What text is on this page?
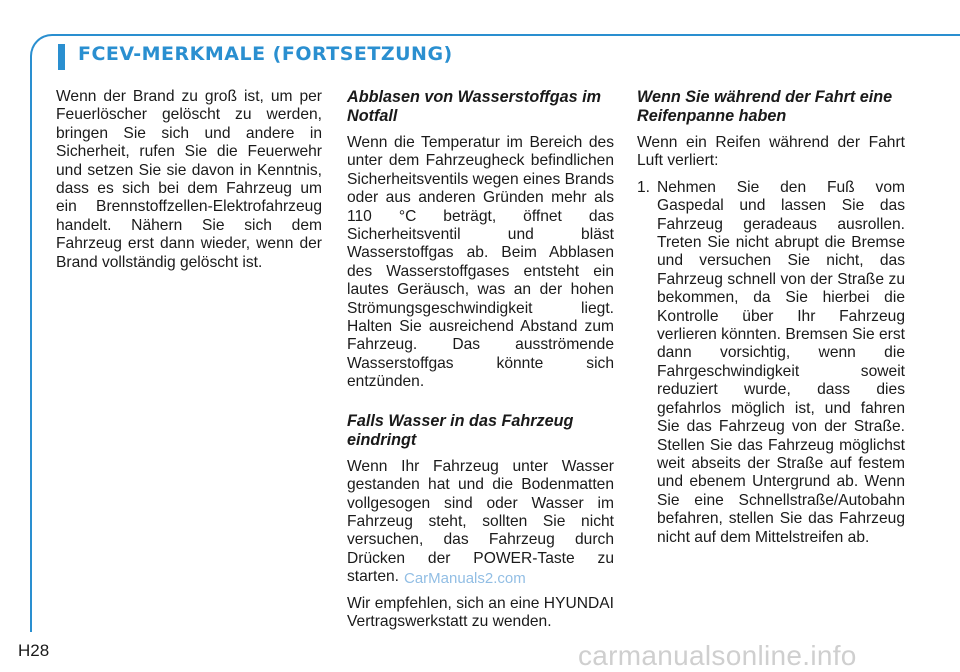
FCEV-MERKMALE (FORTSETZUNG)

Wenn der Brand zu groß ist, um per Feuerlöscher gelöscht zu werden, bringen Sie sich und andere in Sicherheit, rufen Sie die Feuerwehr und setzen Sie sie davon in Kenntnis, dass es sich bei dem Fahrzeug um ein Brennstoffzellen-Elektrofahrzeug handelt. Nähern Sie sich dem Fahrzeug erst dann wieder, wenn der Brand vollständig gelöscht ist.

Abblasen von Wasserstoffgas im Notfall

Wenn die Temperatur im Bereich des unter dem Fahrzeugheck befindlichen Sicherheitsventils wegen eines Brands oder aus anderen Gründen mehr als 110 °C beträgt, öffnet das Sicherheitsventil und bläst Wasserstoffgas ab. Beim Abblasen des Wasserstoffgases entsteht ein lautes Geräusch, was an der hohen Strömungsgeschwindigkeit liegt. Halten Sie ausreichend Abstand zum Fahrzeug. Das ausströmende Wasserstoffgas könnte sich entzünden.

Falls Wasser in das Fahrzeug eindringt

Wenn Ihr Fahrzeug unter Wasser gestanden hat und die Bodenmatten vollgesogen sind oder Wasser im Fahrzeug steht, sollten Sie nicht versuchen, das Fahrzeug durch Drücken der POWER-Taste zu starten.

Wir empfehlen, sich an eine HYUNDAI Vertragswerkstatt zu wenden.

Wenn Sie während der Fahrt eine Reifenpanne haben

Wenn ein Reifen während der Fahrt Luft verliert:

1. Nehmen Sie den Fuß vom Gaspedal und lassen Sie das Fahrzeug geradeaus ausrollen. Treten Sie nicht abrupt die Bremse und versuchen Sie nicht, das Fahrzeug schnell von der Straße zu bekommen, da Sie hierbei die Kontrolle über Ihr Fahrzeug verlieren könnten. Bremsen Sie erst dann vorsichtig, wenn die Fahrgeschwindigkeit soweit reduziert wurde, dass dies gefahrlos möglich ist, und fahren Sie das Fahrzeug von der Straße. Stellen Sie das Fahrzeug möglichst weit abseits der Straße auf festem und ebenem Untergrund ab. Wenn Sie eine Schnellstraße/Autobahn befahren, stellen Sie das Fahrzeug nicht auf dem Mittelstreifen ab.
CarManuals2.com
H28	carmanualsonline.info
